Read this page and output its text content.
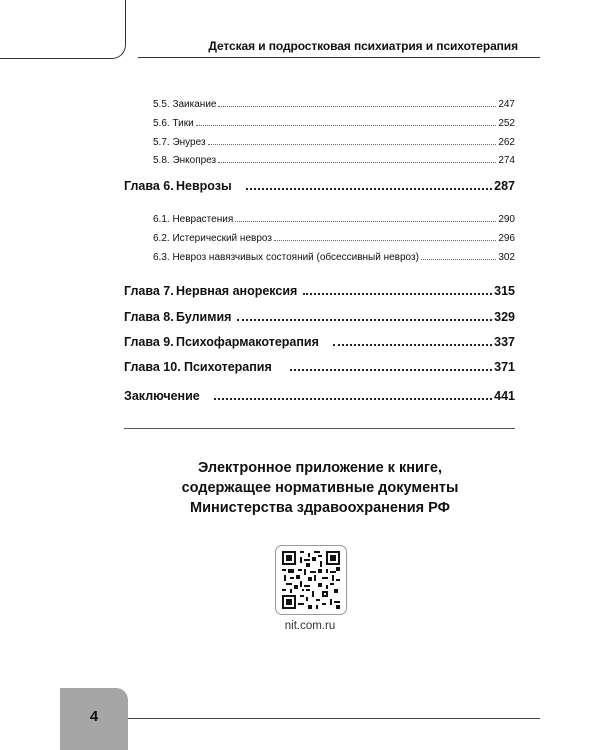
Детская и подростковая психиатрия и психотерапия
5.5. Заикание	247
5.6. Тики	252
5.7. Энурез	262
5.8. Энкопрез	274
Глава 6. Неврозы	287
6.1. Неврастения	290
6.2. Истерический невроз	296
6.3. Невроз навязчивых состояний (обсессивный невроз)	302
Глава 7. Нервная анорексия	315
Глава 8. Булимия	329
Глава 9. Психофармакотерапия	337
Глава 10. Психотерапия	371
Заключение	441
Электронное приложение к книге,
содержащее нормативные документы
Министерства здравоохранения РФ
nit.com.ru
4
